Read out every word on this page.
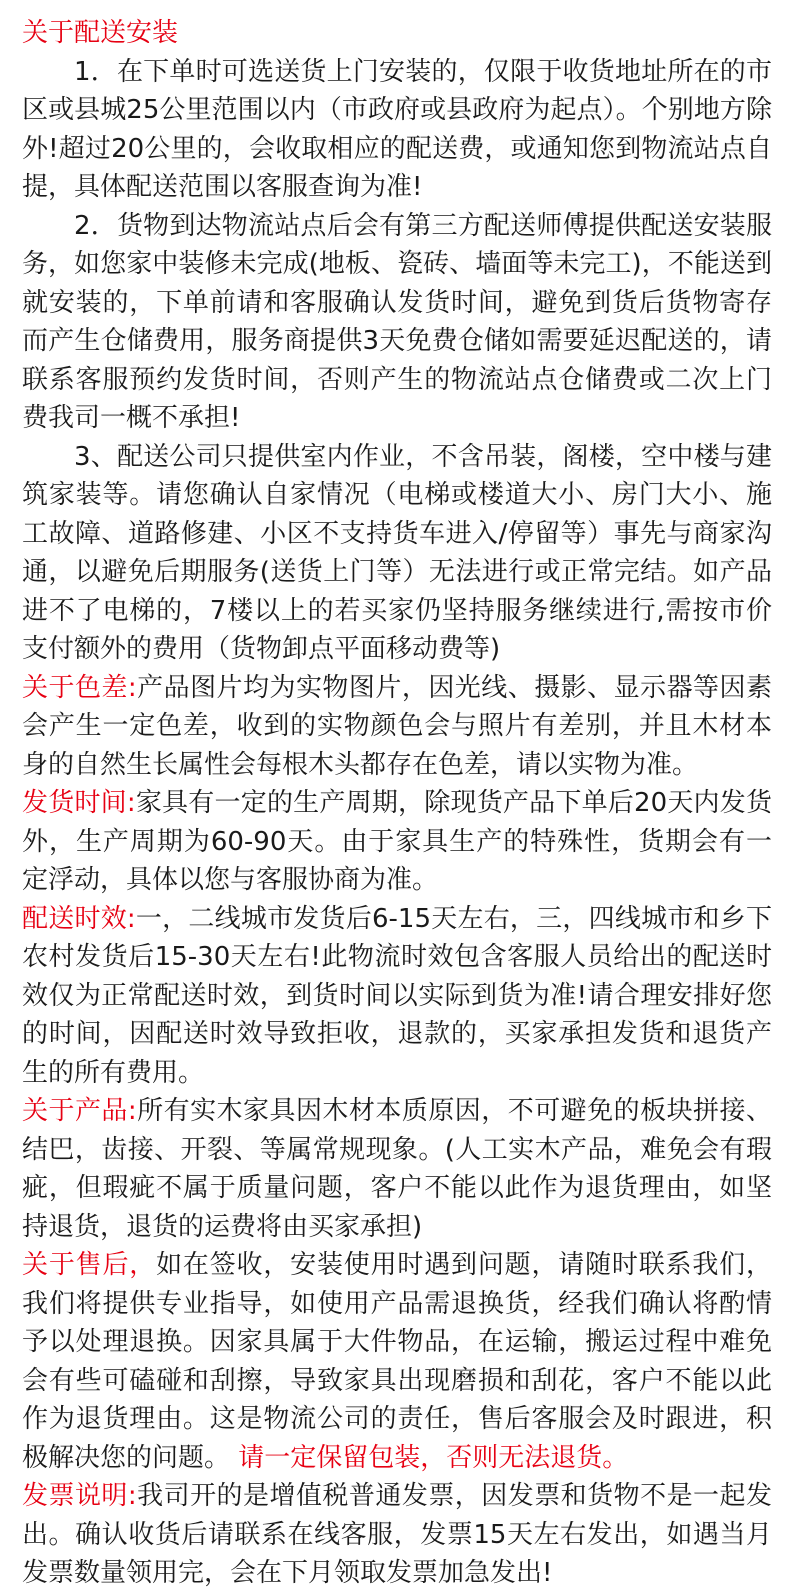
关于配送安装

1．在下单时可选送货上门安装的，仅限于收货地址所在的市区或县城25公里范围以内（市政府或县政府为起点）。个别地方除外!超过20公里的，会收取相应的配送费，或通知您到物流站点自提，具体配送范围以客服查询为准!

2．货物到达物流站点后会有第三方配送师傅提供配送安装服务，如您家中装修未完成(地板、瓷砖、墙面等未完工)，不能送到就安装的，下单前请和客服确认发货时间，避免到货后货物寄存而产生仓储费用，服务商提供3天免费仓储如需要延迟配送的，请联系客服预约发货时间，否则产生的物流站点仓储费或二次上门费我司一概不承担!

3、配送公司只提供室内作业，不含吊装，阁楼，空中楼与建筑家装等。请您确认自家情况（电梯或楼道大小、房门大小、施工故障、道路修建、小区不支持货车进入/停留等）事先与商家沟通，以避免后期服务(送货上门等）无法进行或正常完结。如产品进不了电梯的，7楼以上的若买家仍坚持服务继续进行,需按市价支付额外的费用（货物卸点平面移动费等)

关于色差:产品图片均为实物图片，因光线、摄影、显示器等因素会产生一定色差，收到的实物颜色会与照片有差别，并且木材本身的自然生长属性会每根木头都存在色差，请以实物为准。

发货时间:家具有一定的生产周期，除现货产品下单后20天内发货外，生产周期为60-90天。由于家具生产的特殊性，货期会有一定浮动，具体以您与客服协商为准。

配送时效:一，二线城市发货后6-15天左右，三，四线城市和乡下农村发货后15-30天左右!此物流时效包含客服人员给出的配送时效仅为正常配送时效，到货时间以实际到货为准!请合理安排好您的时间，因配送时效导致拒收，退款的，买家承担发货和退货产生的所有费用。

关于产品:所有实木家具因木材本质原因，不可避免的板块拼接、结巴，齿接、开裂、等属常规现象。(人工实木产品，难免会有瑕疵，但瑕疵不属于质量问题，客户不能以此作为退货理由，如坚持退货，退货的运费将由买家承担)

关于售后，如在签收，安装使用时遇到问题，请随时联系我们，我们将提供专业指导，如使用产品需退换货，经我们确认将酌情予以处理退换。因家具属于大件物品，在运输，搬运过程中难免会有些可磕碰和刮擦，导致家具出现磨损和刮花，客户不能以此作为退货理由。这是物流公司的责任，售后客服会及时跟进，积极解决您的问题。 请一定保留包装，否则无法退货。

发票说明:我司开的是增值税普通发票，因发票和货物不是一起发出。确认收货后请联系在线客服，发票15天左右发出，如遇当月发票数量领用完，会在下月领取发票加急发出!
